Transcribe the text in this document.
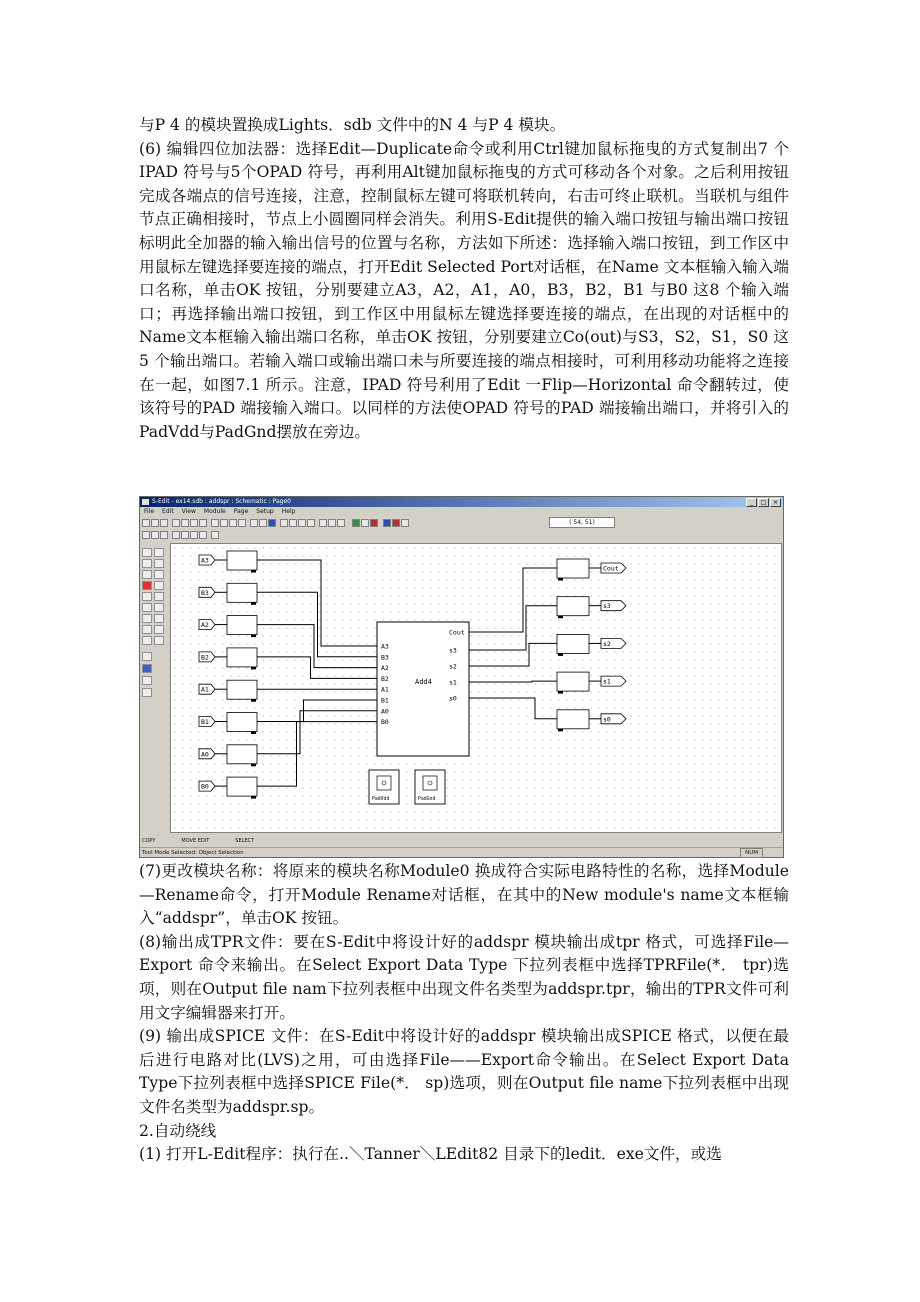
与P 4 的模块置换成Lights．sdb 文件中的N 4 与P 4 模块。

(6) 编辑四位加法器：选择Edit—Duplicate命令或利用Ctrl键加鼠标拖曳的方式复制出7 个IPAD 符号与5个OPAD 符号，再利用Alt键加鼠标拖曳的方式可移动各个对象。之后利用按钮完成各端点的信号连接，注意，控制鼠标左键可将联机转向，右击可终止联机。当联机与组件节点正确相接时，节点上小圆圈同样会消失。利用S-Edit提供的输入端口按钮与输出端口按钮标明此全加器的输入输出信号的位置与名称，方法如下所述：选择输入端口按钮，到工作区中用鼠标左键选择要连接的端点，打开Edit Selected Port对话框，在Name 文本框输入输入端口名称，单击OK 按钮，分别要建立A3，A2，A1，A0，B3，B2，B1 与B0 这8 个输入端口；再选择输出端口按钮，到工作区中用鼠标左键选择要连接的端点，在出现的对话框中的Name文本框输入输出端口名称，单击OK 按钮，分别要建立Co(out)与S3，S2，S1，S0 这5 个输出端口。若输入端口或输出端口未与所要连接的端点相接时，可利用移动功能将之连接在一起，如图7.1 所示。注意，IPAD 符号利用了Edit 一Flip—Horizontal 命令翻转过，使该符号的PAD 端接输入端口。以同样的方法使OPAD 符号的PAD 端接输出端口，并将引入的PadVdd与PadGnd摆放在旁边。

S-Edit - ex14.sdb : addspr : Schematic : Page0	_	□	×
File Edit View Module Page Setup Help
( 54, 51)
A3
B3
A2
B2
A1
B1
A0
B0
Cout
s3
s2
s1
s0
Add4
A3
B3
A2
B2
A1
B1
A0
B0
Cout
s3
s2
s1
s0
PadVdd	PadGnd
COPY	MOVE EDIT	SELECT
Tool Mode Selected: Object Selection	NUM

(7)更改模块名称：将原来的模块名称Module0 换成符合实际电路特性的名称，选择Module—Rename命令，打开Module Rename对话框，在其中的New module's name文本框输入“addspr”，单击OK 按钮。

(8)输出成TPR文件：要在S-Edit中将设计好的addspr 模块输出成tpr 格式，可选择File—Export 命令来输出。在Select Export Data Type 下拉列表框中选择TPRFile(*． tpr)选项，则在Output file nam下拉列表框中出现文件名类型为addspr.tpr，输出的TPR文件可利用文字编辑器来打开。

(9) 输出成SPICE 文件：在S-Edit中将设计好的addspr 模块输出成SPICE 格式，以便在最后进行电路对比(LVS)之用，可由选择File——Export命令输出。在Select Export Data Type下拉列表框中选择SPICE File(*． sp)选项，则在Output file name下拉列表框中出现文件名类型为addspr.sp。

2.自动绕线

(1) 打开L-Edit程序：执行在..＼Tanner＼LEdit82 目录下的ledit．exe文件，或选
